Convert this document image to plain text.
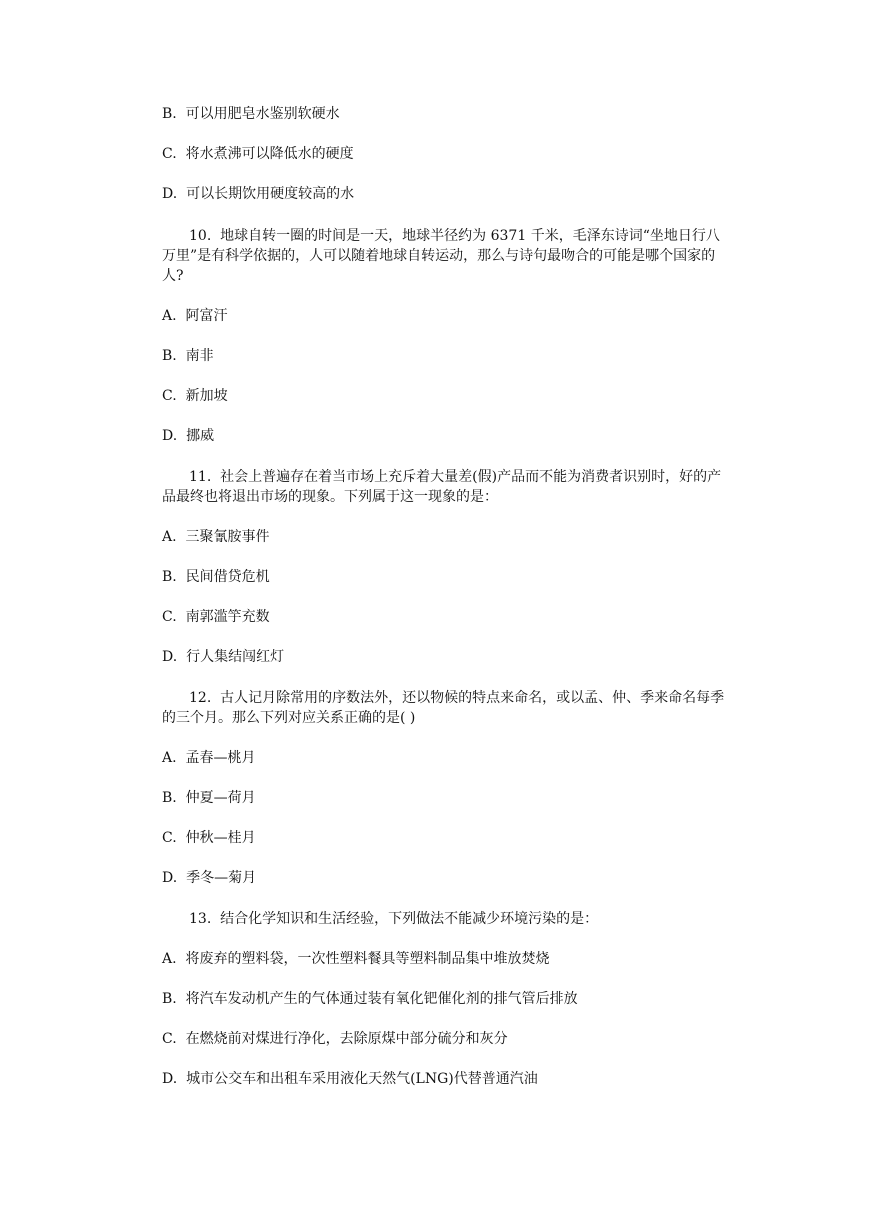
B. 可以用肥皂水鉴别软硬水
C. 将水煮沸可以降低水的硬度
D. 可以长期饮用硬度较高的水
10. 地球自转一圈的时间是一天，地球半径约为 6371 千米，毛泽东诗词“坐地日行八
万里”是有科学依据的，人可以随着地球自转运动，那么与诗句最吻合的可能是哪个国家的
人?
A. 阿富汗
B. 南非
C. 新加坡
D. 挪威
11. 社会上普遍存在着当市场上充斥着大量差(假)产品而不能为消费者识别时，好的产
品最终也将退出市场的现象。下列属于这一现象的是：
A. 三聚氰胺事件
B. 民间借贷危机
C. 南郭滥竽充数
D. 行人集结闯红灯
12. 古人记月除常用的序数法外，还以物候的特点来命名，或以孟、仲、季来命名每季
的三个月。那么下列对应关系正确的是( )
A. 孟春—桃月
B. 仲夏—荷月
C. 仲秋—桂月
D. 季冬—菊月
13. 结合化学知识和生活经验，下列做法不能减少环境污染的是：
A. 将废弃的塑料袋，一次性塑料餐具等塑料制品集中堆放焚烧
B. 将汽车发动机产生的气体通过装有氧化钯催化剂的排气管后排放
C. 在燃烧前对煤进行净化，去除原煤中部分硫分和灰分
D. 城市公交车和出租车采用液化天然气(LNG)代替普通汽油
